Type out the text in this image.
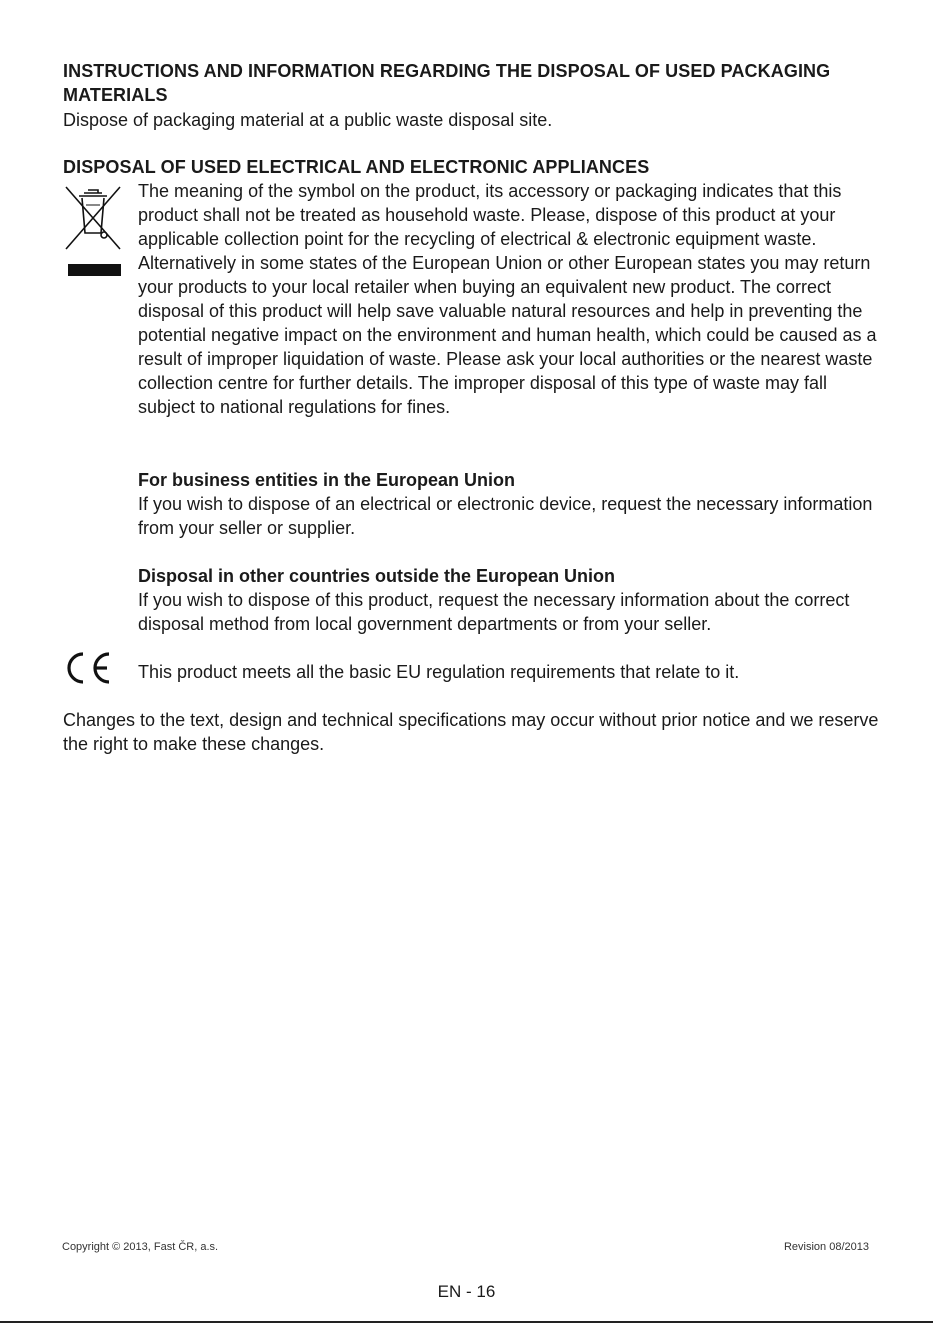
INSTRUCTIONS AND INFORMATION REGARDING THE DISPOSAL OF USED PACKAGING MATERIALS
Dispose of packaging material at a public waste disposal site.
DISPOSAL OF USED ELECTRICAL AND ELECTRONIC APPLIANCES
The meaning of the symbol on the product, its accessory or packaging indicates that this product shall not be treated as household waste. Please, dispose of this product at your applicable collection point for the recycling of electrical & electronic equipment waste. Alternatively in some states of the European Union or other European states you may return your products to your local retailer when buying an equivalent new product. The correct disposal of this product will help save valuable natural resources and help in preventing the potential negative impact on the environment and human health, which could be caused as a result of improper liquidation of waste. Please ask your local authorities or the nearest waste collection centre for further details. The improper disposal of this type of waste may fall subject to national regulations for fines.
For business entities in the European Union
If you wish to dispose of an electrical or electronic device, request the necessary information from your seller or supplier.
Disposal in other countries outside the European Union
If you wish to dispose of this product, request the necessary information about the correct disposal method from local government departments or from your seller.
This product meets all the basic EU regulation requirements that relate to it.
Changes to the text, design and technical specifications may occur without prior notice and we reserve the right to make these changes.
Copyright © 2013, Fast ČR, a.s.	Revision 08/2013
EN - 16
